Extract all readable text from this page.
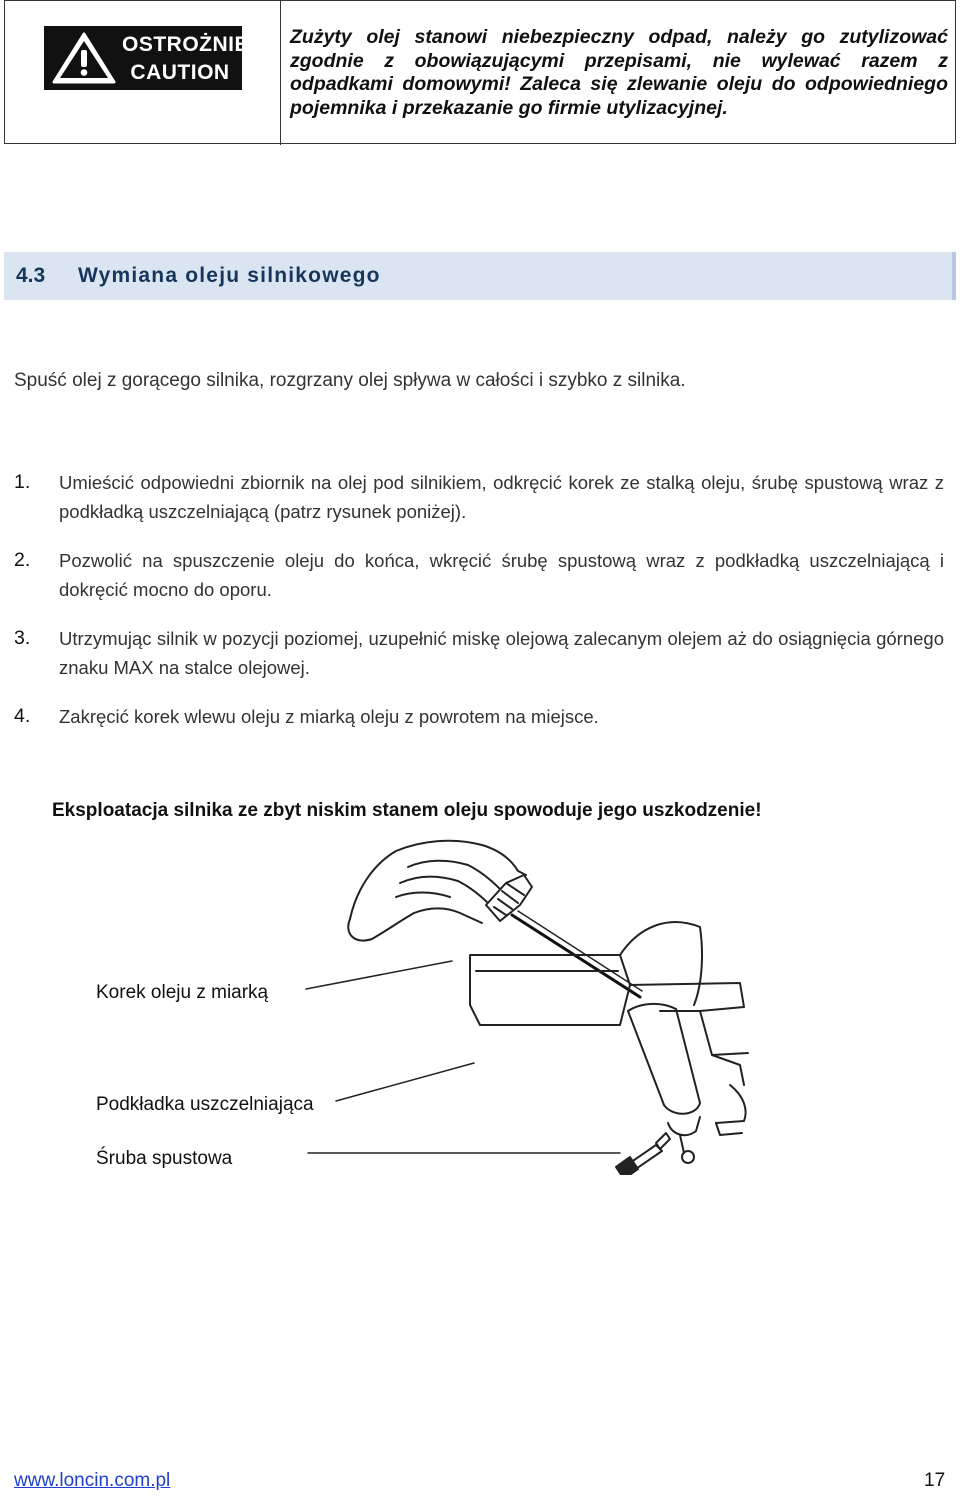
OSTROŻNIE
CAUTION
Zużyty olej stanowi niebezpieczny odpad, należy go zutylizować zgodnie z obowiązującymi przepisami, nie wylewać razem z odpadkami domowymi! Zaleca się zlewanie oleju do odpowiedniego pojemnika i przekazanie go firmie utylizacyjnej.
4.3 Wymiana oleju silnikowego
Spuść olej z gorącego silnika, rozgrzany olej spływa w całości i szybko z silnika.
1. Umieścić odpowiedni zbiornik na olej pod silnikiem, odkręcić korek ze stalką oleju, śrubę spustową wraz z podkładką uszczelniającą (patrz rysunek poniżej).
2. Pozwolić na spuszczenie oleju do końca, wkręcić śrubę spustową wraz z podkładką uszczelniającą i dokręcić mocno do oporu.
3. Utrzymując silnik w pozycji poziomej, uzupełnić miskę olejową zalecanym olejem aż do osiągnięcia górnego znaku MAX na stalce olejowej.
4. Zakręcić korek wlewu oleju z miarką oleju z powrotem na miejsce.
Eksploatacja silnika ze zbyt niskim stanem oleju spowoduje jego uszkodzenie!
Korek oleju z miarką
Podkładka uszczelniająca
Śruba spustowa
www.loncin.com.pl	17
